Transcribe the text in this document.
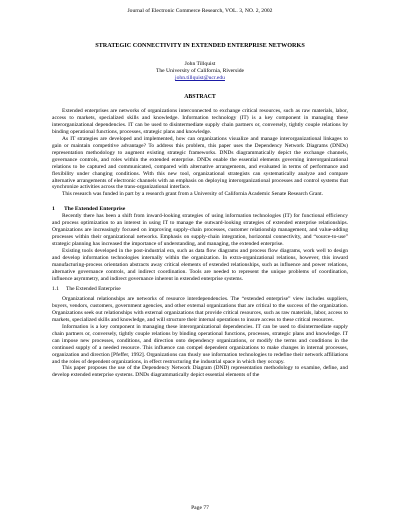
Journal of Electronic Commerce Research, VOL. 3, NO. 2, 2002
STRATEGIC CONNECTIVITY IN EXTENDED ENTERPRISE NETWORKS
John Tillquist
The University of California, Riverside
john.tillquist@ucr.edu
ABSTRACT

Extended enterprises are networks of organizations interconnected to exchange critical resources, such as raw materials, labor, access to markets, specialized skills and knowledge. Information technology (IT) is a key component in managing these interorganizational dependencies. IT can be used to disintermediate supply chain partners or, conversely, tightly couple relations by binding operational functions, processes, strategic plans and knowledge.

As IT strategies are developed and implemented, how can organizations visualize and manage interorganizational linkages to gain or maintain competitive advantage? To address this problem, this paper uses the Dependency Network Diagrams (DNDs) representation methodology to augment existing strategic frameworks. DNDs diagrammatically depict the exchange channels, governance controls, and roles within the extended enterprise. DNDs enable the essential elements governing interorganizational relations to be captured and communicated, compared with alternative arrangements, and evaluated in terms of performance and flexibility under changing conditions. With this new tool, organizational strategists can systematically analyze and compare alternative arrangements of electronic channels with an emphasis on deploying interorganizational processes and control systems that synchronize activities across the trans-organizational interface.

This research was funded in part by a research grant from a University of California Academic Senate Research Grant.

1 The Extended Enterprise

Recently there has been a shift from inward-looking strategies of using information technologies (IT) for functional efficiency and process optimization to an interest in using IT to manage the outward-looking strategies of extended enterprise relationships. Organizations are increasingly focused on improving supply-chain processes, customer relationship management, and value-adding processes within their organizational networks. Emphasis on supply-chain integration, horizontal connectivity, and “source-to-use” strategic planning has increased the importance of understanding, and managing, the extended enterprise.

Existing tools developed in the post-industrial era, such as data flow diagrams and process flow diagrams, work well to design and develop information technologies internally within the organization. In extra-organizational relations, however, this inward manufacturing-process orientation abstracts away critical elements of extended relationships, such as influence and power relations, alternative governance controls, and indirect coordination. Tools are needed to represent the unique problems of coordination, influence asymmetry, and indirect governance inherent in extended enterprise systems.

1.1 The Extended Enterprise

Organizational relationships are networks of resource interdependencies. The “extended enterprise” view includes suppliers, buyers, vendors, customers, government agencies, and other external organizations that are critical to the success of the organization. Organizations seek out relationships with external organizations that provide critical resources, such as raw materials, labor, access to markets, specialized skills and knowledge, and will structure their internal operations to insure access to these critical resources.

Information is a key component in managing these interorganizational dependencies. IT can be used to disintermediate supply chain partners or, conversely, tightly couple relations by binding operational functions, processes, strategic plans and knowledge. IT can impose new processes, conditions, and direction onto dependency organizations, or modify the terms and conditions in the continued supply of a needed resource. This influence can compel dependent organizations to make changes in internal processes, organization and direction [Pfeffer, 1992]. Organizations can thusly use information technologies to redefine their network affiliations and the roles of dependent organizations, in effect restructuring the industrial space in which they occupy.

This paper proposes the use of the Dependency Network Diagram (DND) representation methodology to examine, define, and develop extended enterprise systems. DNDs diagrammatically depict essential elements of the

Page 77
